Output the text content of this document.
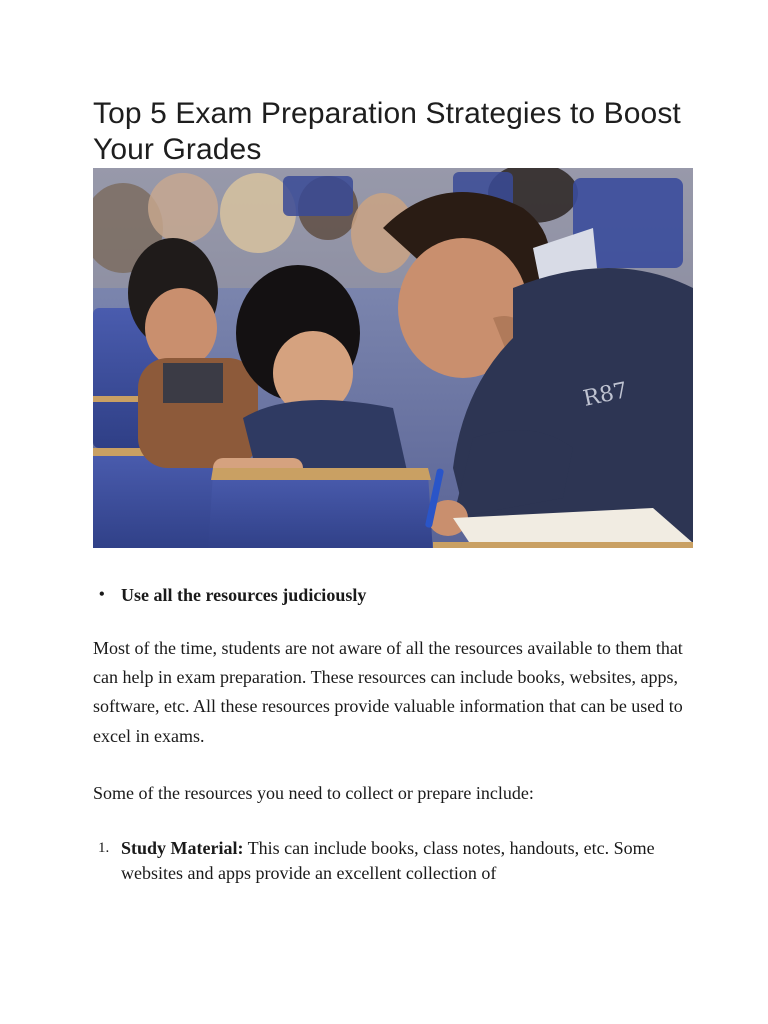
Top 5 Exam Preparation Strategies to Boost Your Grades
R87
• Use all the resources judiciously

Most of the time, students are not aware of all the resources available to them that can help in exam preparation. These resources can include books, websites, apps, software, etc. All these resources provide valuable information that can be used to excel in exams.

Some of the resources you need to collect or prepare include:

1. Study Material: This can include books, class notes, handouts, etc. Some websites and apps provide an excellent collection of
